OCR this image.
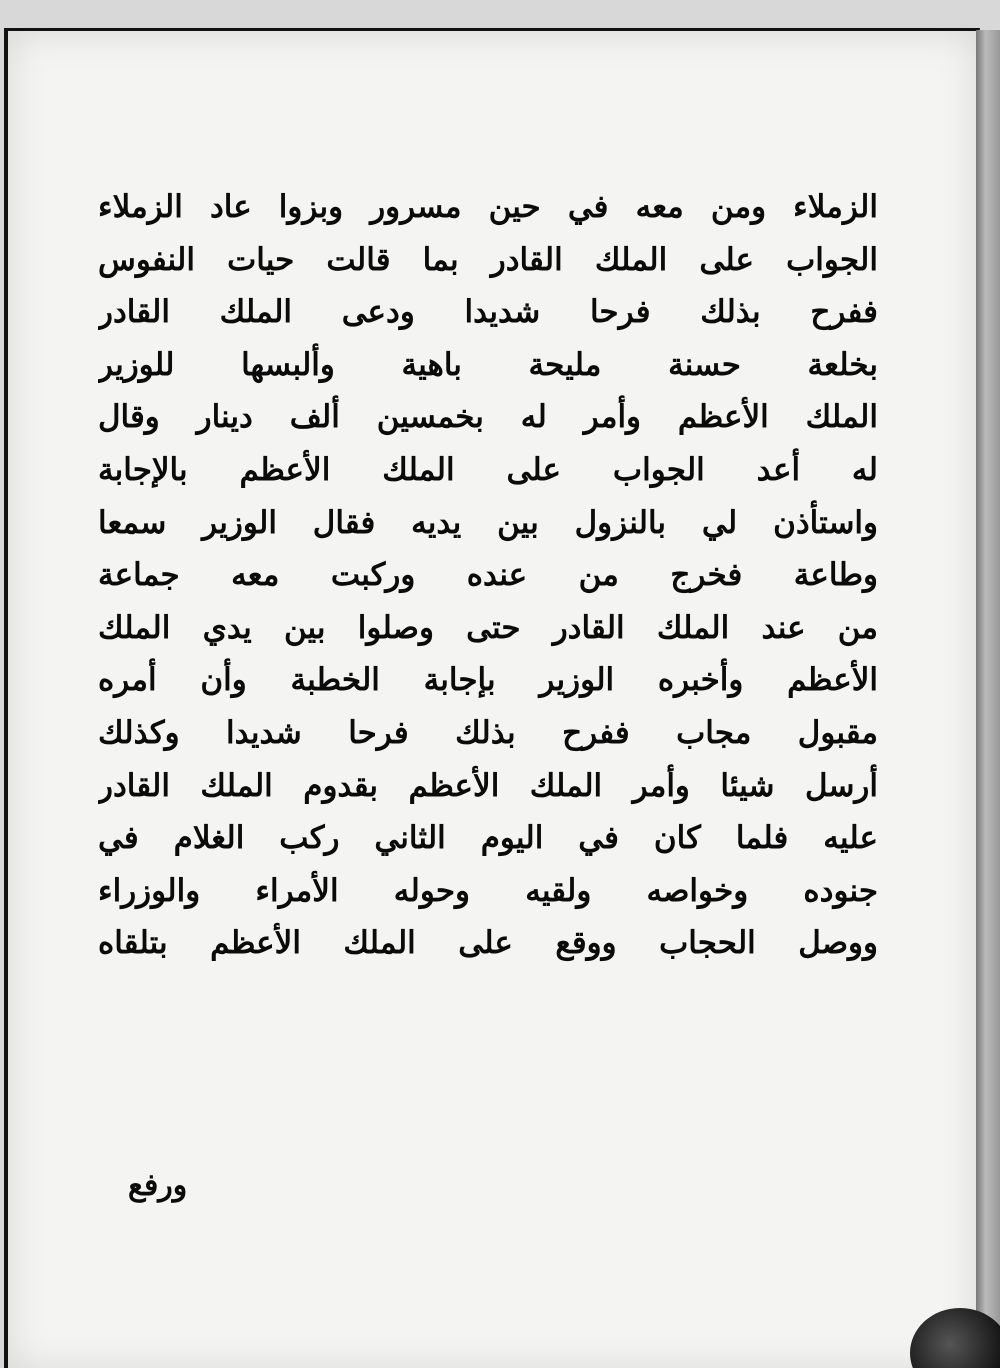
الزملاء ومن معه في حين مسرور وبزوا عاد الزملاء
الجواب على الملك القادر بما قالت حيات النفوس
ففرح بذلك فرحا شديدا ودعى الملك القادر
بخلعة حسنة مليحة باهية وألبسها للوزير
الملك الأعظم وأمر له بخمسين ألف دينار وقال
له أعد الجواب على الملك الأعظم بالإجابة
واستأذن لي بالنزول بين يديه فقال الوزير سمعا
وطاعة فخرج من عنده وركبت معه جماعة
من عند الملك القادر حتى وصلوا بين يدي الملك
الأعظم وأخبره الوزير بإجابة الخطبة وأن أمره
مقبول مجاب ففرح بذلك فرحا شديدا وكذلك
أرسل شيئا وأمر الملك الأعظم بقدوم الملك القادر
عليه فلما كان في اليوم الثاني ركب الغلام في
جنوده وخواصه ولقيه وحوله الأمراء والوزراء
ووصل الحجاب ووقع على الملك الأعظم بتلقاه
ورفع
